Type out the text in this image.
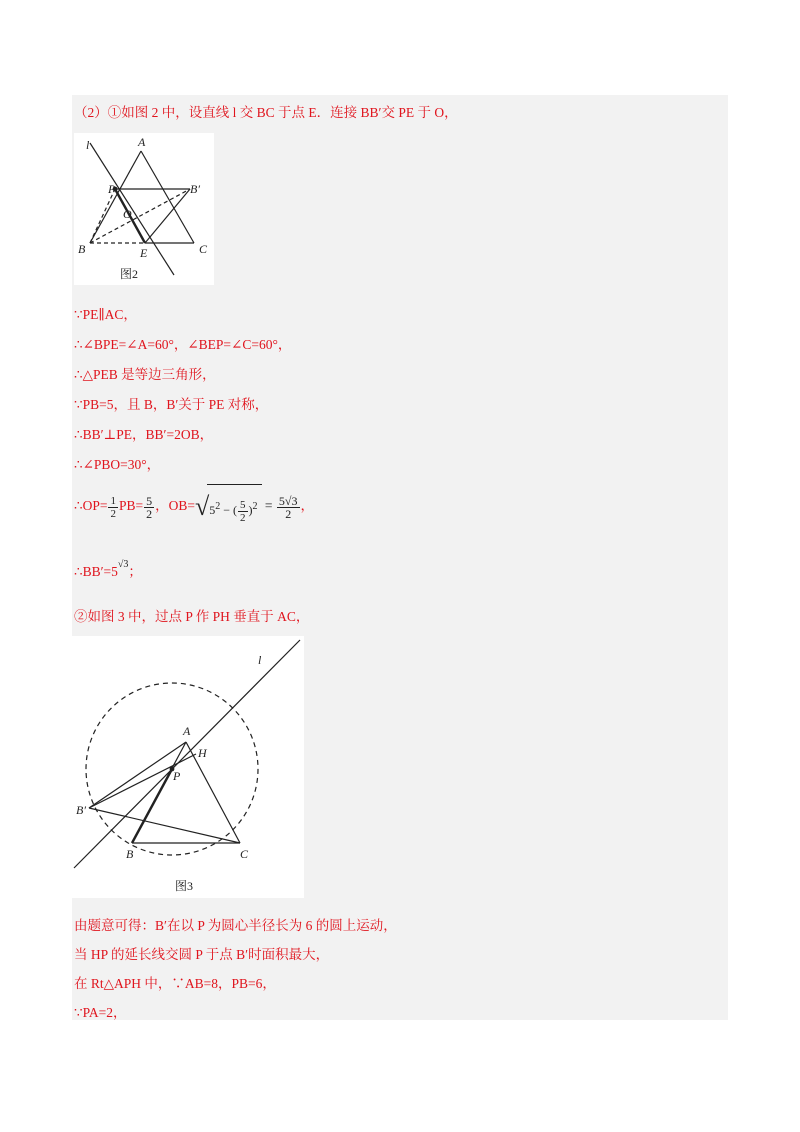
（2）①如图 2 中，设直线 l 交 BC 于点 E．连接 BB′交 PE 于 O，
l	A
P	B′
O
B	E	C
图2
∵PE∥AC，
∴∠BPE=∠A=60°，∠BEP=∠C=60°，
∴△PEB 是等边三角形，
∵PB=5，且 B，B′关于 PE 对称，
∴BB′⊥PE，BB′=2OB，
∴∠PBO=30°，
∴OP= $\frac{1}{2} PB= \frac{5}{2}$ ，$OB=√5^2$ − ( $\frac{5}{2} )^2 = \frac{5√3}{2}$ ，
$\therefore BB'=5^{√3}$；
②如图 3 中，过点 P 作 PH 垂直于 AC，
l
A
H
P
B′
B	C
图3
由题意可得：B′在以 P 为圆心半径长为 6 的圆上运动，
当 HP 的延长线交圆 P 于点 B′时面积最大，
在 Rt△APH 中，∵AB=8，PB=6，
∵PA=2，
